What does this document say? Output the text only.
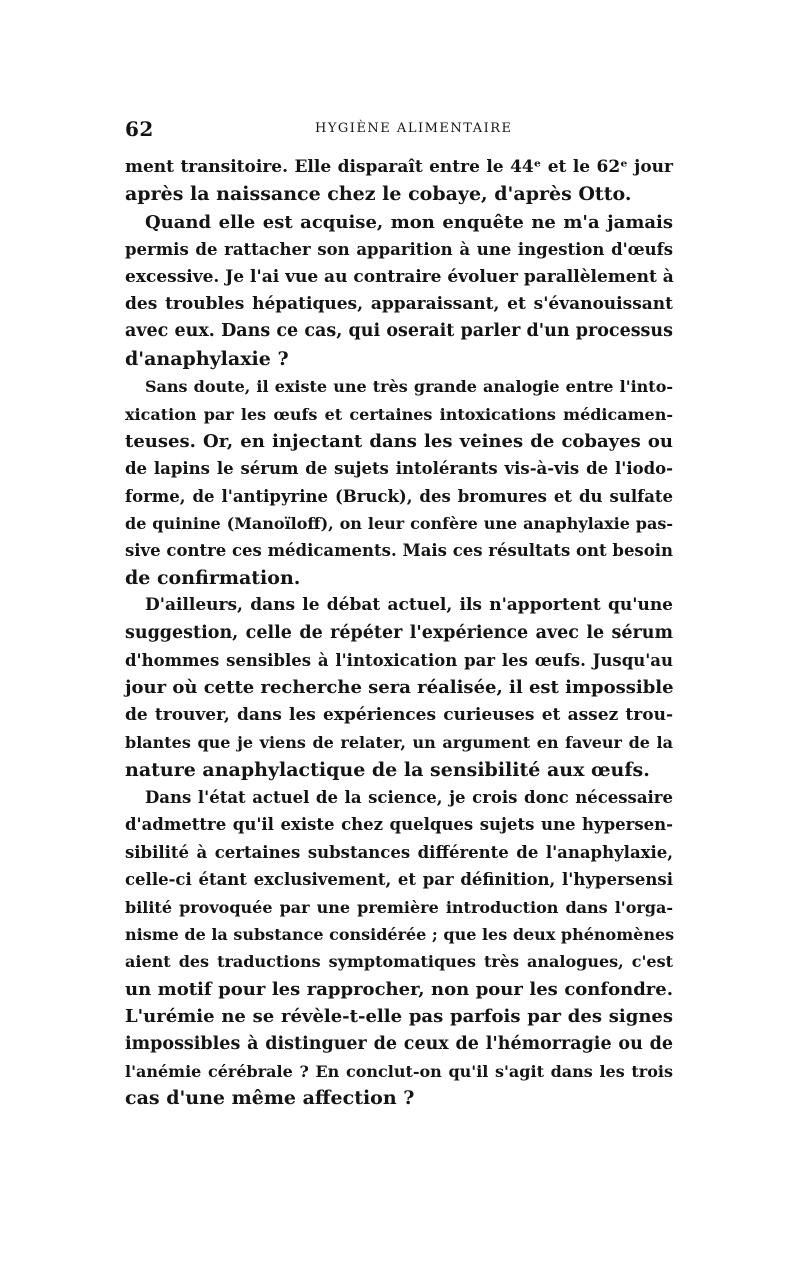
62	HYGIÈNE ALIMENTAIRE
ment transitoire. Elle disparaît entre le 44ᵉ et le 62ᵉ jour
après la naissance chez le cobaye, d'après Otto.
Quand elle est acquise, mon enquête ne m'a jamais
permis de rattacher son apparition à une ingestion d'œufs
excessive. Je l'ai vue au contraire évoluer parallèlement à
des troubles hépatiques, apparaissant, et s'évanouissant
avec eux. Dans ce cas, qui oserait parler d'un processus
d'anaphylaxie ?
Sans doute, il existe une très grande analogie entre l'into-
xication par les œufs et certaines intoxications médicamen-
teuses. Or, en injectant dans les veines de cobayes ou
de lapins le sérum de sujets intolérants vis-à-vis de l'iodo-
forme, de l'antipyrine (Bruck), des bromures et du sulfate
de quinine (Manoïloff), on leur confère une anaphylaxie pas-
sive contre ces médicaments. Mais ces résultats ont besoin
de confirmation.
D'ailleurs, dans le débat actuel, ils n'apportent qu'une
suggestion, celle de répéter l'expérience avec le sérum
d'hommes sensibles à l'intoxication par les œufs. Jusqu'au
jour où cette recherche sera réalisée, il est impossible
de trouver, dans les expériences curieuses et assez trou-
blantes que je viens de relater, un argument en faveur de la
nature anaphylactique de la sensibilité aux œufs.
Dans l'état actuel de la science, je crois donc nécessaire
d'admettre qu'il existe chez quelques sujets une hypersen-
sibilité à certaines substances différente de l'anaphylaxie,
celle-ci étant exclusivement, et par définition, l'hypersensi
bilité provoquée par une première introduction dans l'orga-
nisme de la substance considérée ; que les deux phénomènes
aient des traductions symptomatiques très analogues, c'est
un motif pour les rapprocher, non pour les confondre.
L'urémie ne se révèle-t-elle pas parfois par des signes
impossibles à distinguer de ceux de l'hémorragie ou de
l'anémie cérébrale ? En conclut-on qu'il s'agit dans les trois
cas d'une même affection ?
